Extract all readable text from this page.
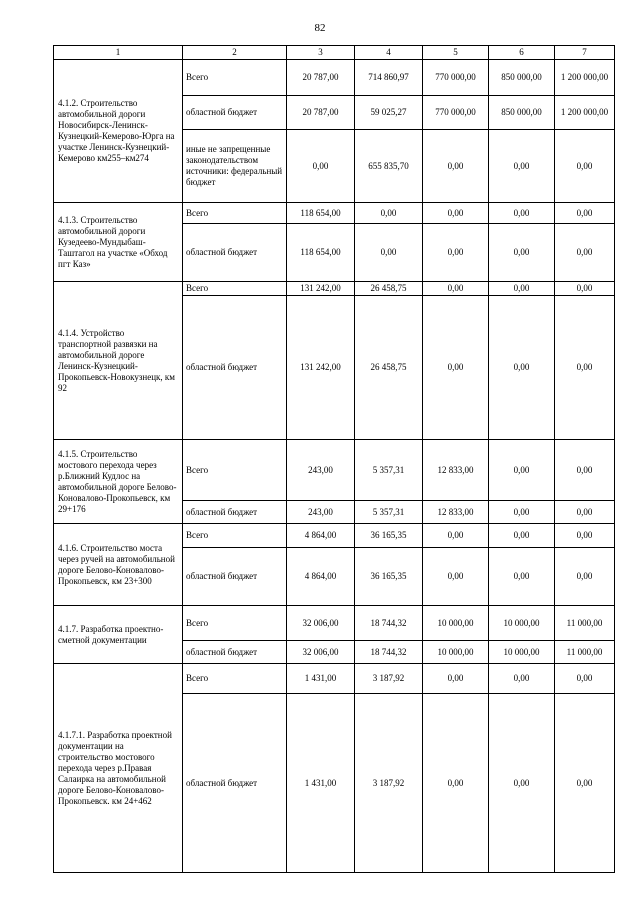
82
1	2	3	4	5	6	7
4.1.2. Строительство автомобильной дороги Новосибирск-Ленинск-Кузнецкий-Кемерово-Юрга на участке Ленинск-Кузнецкий-Кемерово км255–км274	Всего	20 787,00	714 860,97	770 000,00	850 000,00	1 200 000,00
	областной бюджет	20 787,00	59 025,27	770 000,00	850 000,00	1 200 000,00
	иные не запрещенные законодательством источники: федеральный бюджет	0,00	655 835,70	0,00	0,00	0,00
4.1.3. Строительство автомобильной дороги Кузедеево-Мундыбаш-Таштагол на участке «Обход пгт Каз»	Всего	118 654,00	0,00	0,00	0,00	0,00
	областной бюджет	118 654,00	0,00	0,00	0,00	0,00
4.1.4. Устройство транспортной развязки на автомобильной дороге Ленинск-Кузнецкий-Прокопьевск-Новокузнецк, км 92	Всего	131 242,00	26 458,75	0,00	0,00	0,00
	областной бюджет	131 242,00	26 458,75	0,00	0,00	0,00
4.1.5. Строительство мостового перехода через р.Ближний Кудлос на автомобильной дороге Белово-Коновалово-Прокопьевск, км 29+176	Всего	243,00	5 357,31	12 833,00	0,00	0,00
	областной бюджет	243,00	5 357,31	12 833,00	0,00	0,00
4.1.6. Строительство моста через ручей на автомобильной дороге Белово-Коновалово-Прокопьевск, км 23+300	Всего	4 864,00	36 165,35	0,00	0,00	0,00
	областной бюджет	4 864,00	36 165,35	0,00	0,00	0,00
4.1.7. Разработка проектно-сметной документации	Всего	32 006,00	18 744,32	10 000,00	10 000,00	11 000,00
	областной бюджет	32 006,00	18 744,32	10 000,00	10 000,00	11 000,00
4.1.7.1. Разработка проектной документации на строительство мостового перехода через р.Правая Салаирка на автомобильной дороге Белово-Коновалово-Прокопьевск. км 24+462	Всего	1 431,00	3 187,92	0,00	0,00	0,00
	областной бюджет	1 431,00	3 187,92	0,00	0,00	0,00
